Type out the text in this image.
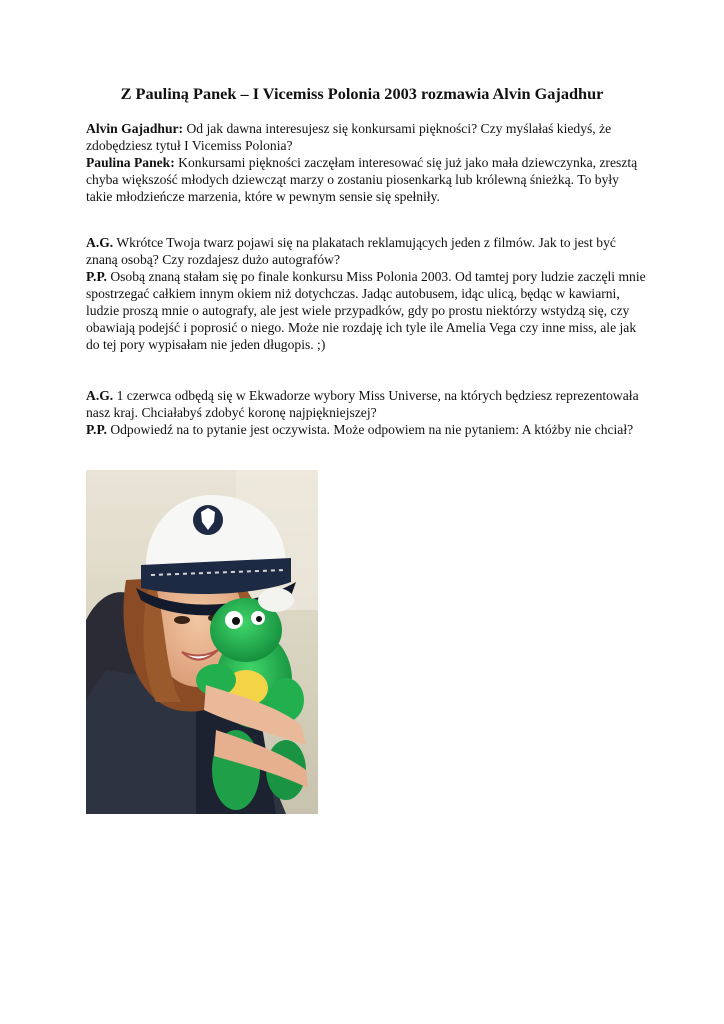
Z Pauliną Panek – I Vicemiss Polonia 2003 rozmawia Alvin Gajadhur

Alvin Gajadhur: Od jak dawna interesujesz się konkursami piękności? Czy myślałaś kiedyś, że zdobędziesz tytuł I Vicemiss Polonia?

Paulina Panek: Konkursami piękności zaczęłam interesować się już jako mała dziewczynka, zresztą chyba większość młodych dziewcząt marzy o zostaniu piosenkarką lub królewną śnieżką. To były takie młodzieńcze marzenia, które w pewnym sensie się spełniły.

A.G. Wkrótce Twoja twarz pojawi się na plakatach reklamujących jeden z filmów. Jak to jest być znaną osobą? Czy rozdajesz dużo autografów?

P.P. Osobą znaną stałam się po finale konkursu Miss Polonia 2003. Od tamtej pory ludzie zaczęli mnie spostrzegać całkiem innym okiem niż dotychczas. Jadąc autobusem, idąc ulicą, będąc w kawiarni, ludzie proszą mnie o autografy, ale jest wiele przypadków, gdy po prostu niektórzy wstydzą się, czy obawiają podejść i poprosić o niego. Może nie rozdaję ich tyle ile Amelia Vega czy inne miss, ale jak do tej pory wypisałam nie jeden długopis. ;)

A.G. 1 czerwca odbędą się w Ekwadorze wybory Miss Universe, na których będziesz reprezentowała nasz kraj. Chciałabyś zdobyć koronę najpiękniejszej?

P.P. Odpowiedź na to pytanie jest oczywista. Może odpowiem na nie pytaniem: A któżby nie chciał?
